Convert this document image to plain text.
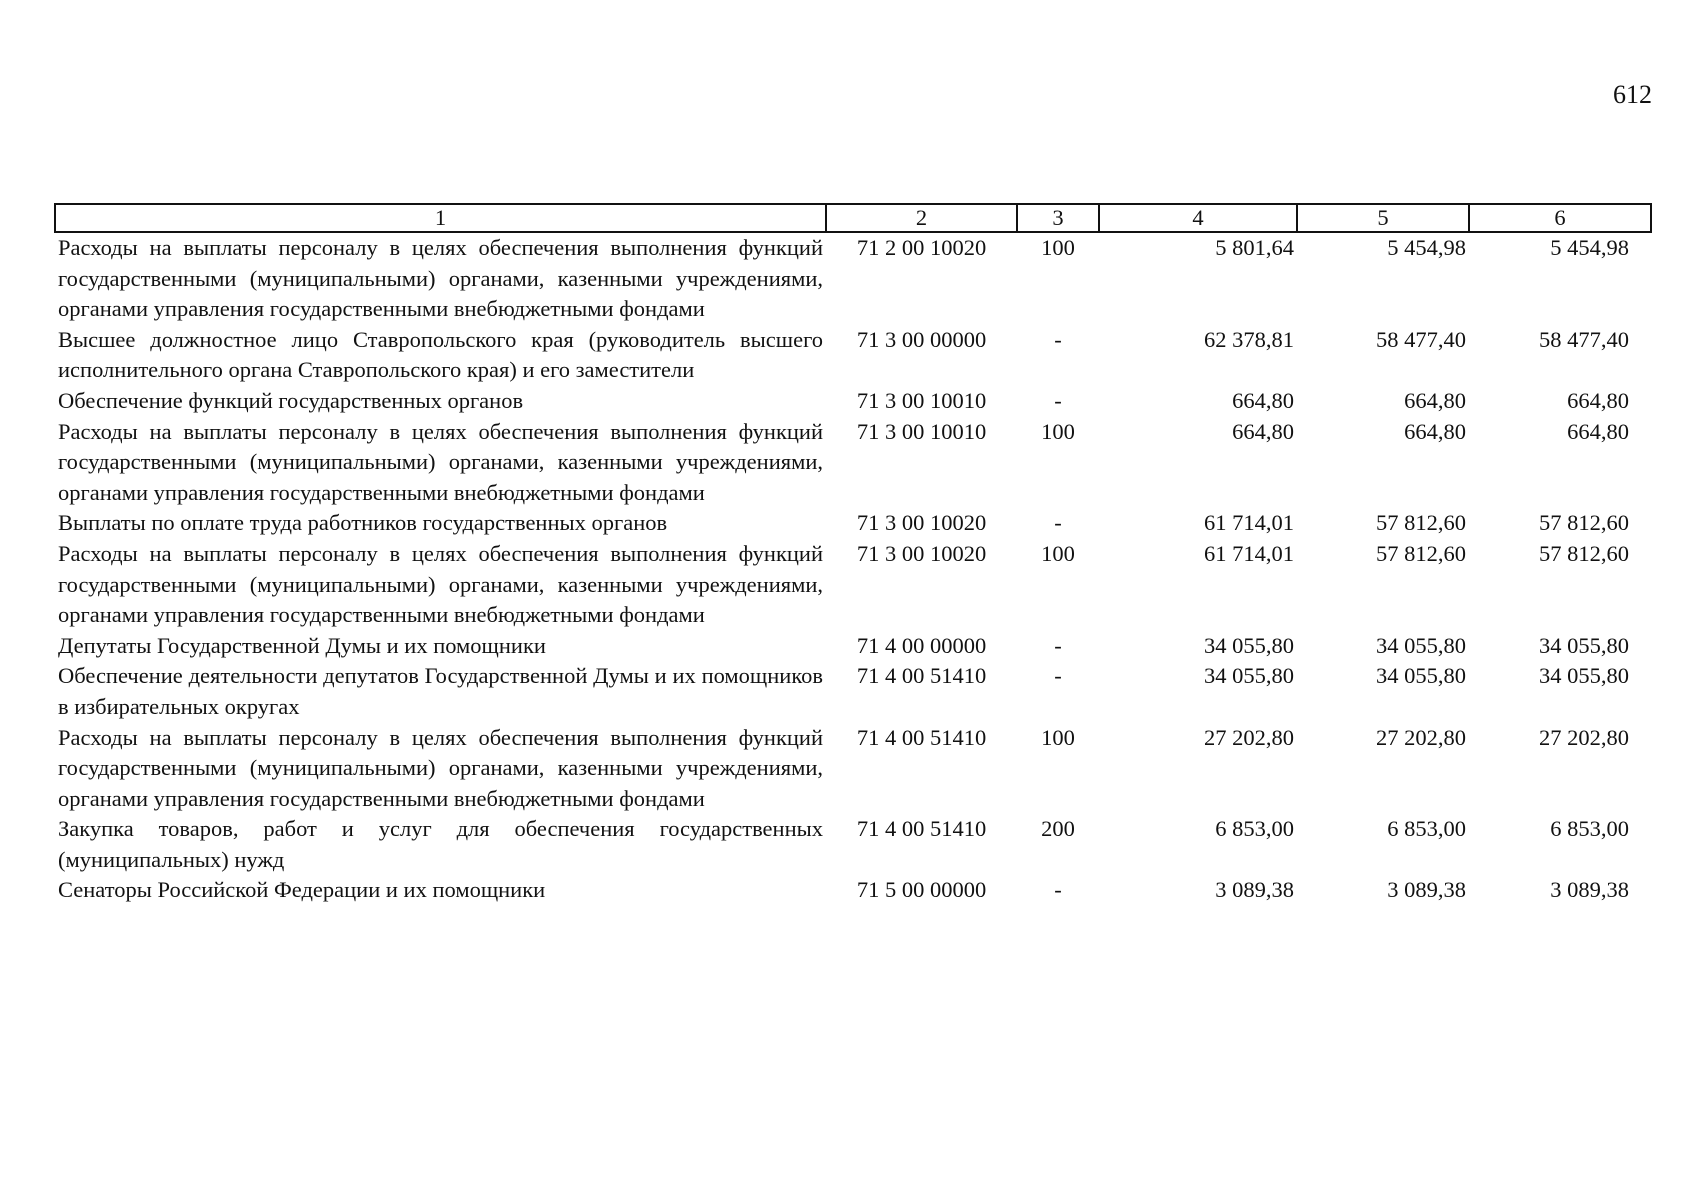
612
1	2	3	4	5	6
Расходы на выплаты персоналу в целях обеспечения выполнения функций государственными (муниципальными) органами, казенными учреждениями, органами управления государственными внебюджетными фондами	71 2 00 10020	100	5 801,64	5 454,98	5 454,98
Высшее должностное лицо Ставропольского края (руководитель высшего исполнительного органа Ставропольского края) и его заместители	71 3 00 00000	-	62 378,81	58 477,40	58 477,40
Обеспечение функций государственных органов	71 3 00 10010	-	664,80	664,80	664,80
Расходы на выплаты персоналу в целях обеспечения выполнения функций государственными (муниципальными) органами, казенными учреждениями, органами управления государственными внебюджетными фондами	71 3 00 10010	100	664,80	664,80	664,80
Выплаты по оплате труда работников государственных органов	71 3 00 10020	-	61 714,01	57 812,60	57 812,60
Расходы на выплаты персоналу в целях обеспечения выполнения функций государственными (муниципальными) органами, казенными учреждениями, органами управления государственными внебюджетными фондами	71 3 00 10020	100	61 714,01	57 812,60	57 812,60
Депутаты Государственной Думы и их помощники	71 4 00 00000	-	34 055,80	34 055,80	34 055,80
Обеспечение деятельности депутатов Государственной Думы и их помощников в избирательных округах	71 4 00 51410	-	34 055,80	34 055,80	34 055,80
Расходы на выплаты персоналу в целях обеспечения выполнения функций государственными (муниципальными) органами, казенными учреждениями, органами управления государственными внебюджетными фондами	71 4 00 51410	100	27 202,80	27 202,80	27 202,80
Закупка товаров, работ и услуг для обеспечения государственных (муниципальных) нужд	71 4 00 51410	200	6 853,00	6 853,00	6 853,00
Сенаторы Российской Федерации и их помощники	71 5 00 00000	-	3 089,38	3 089,38	3 089,38
